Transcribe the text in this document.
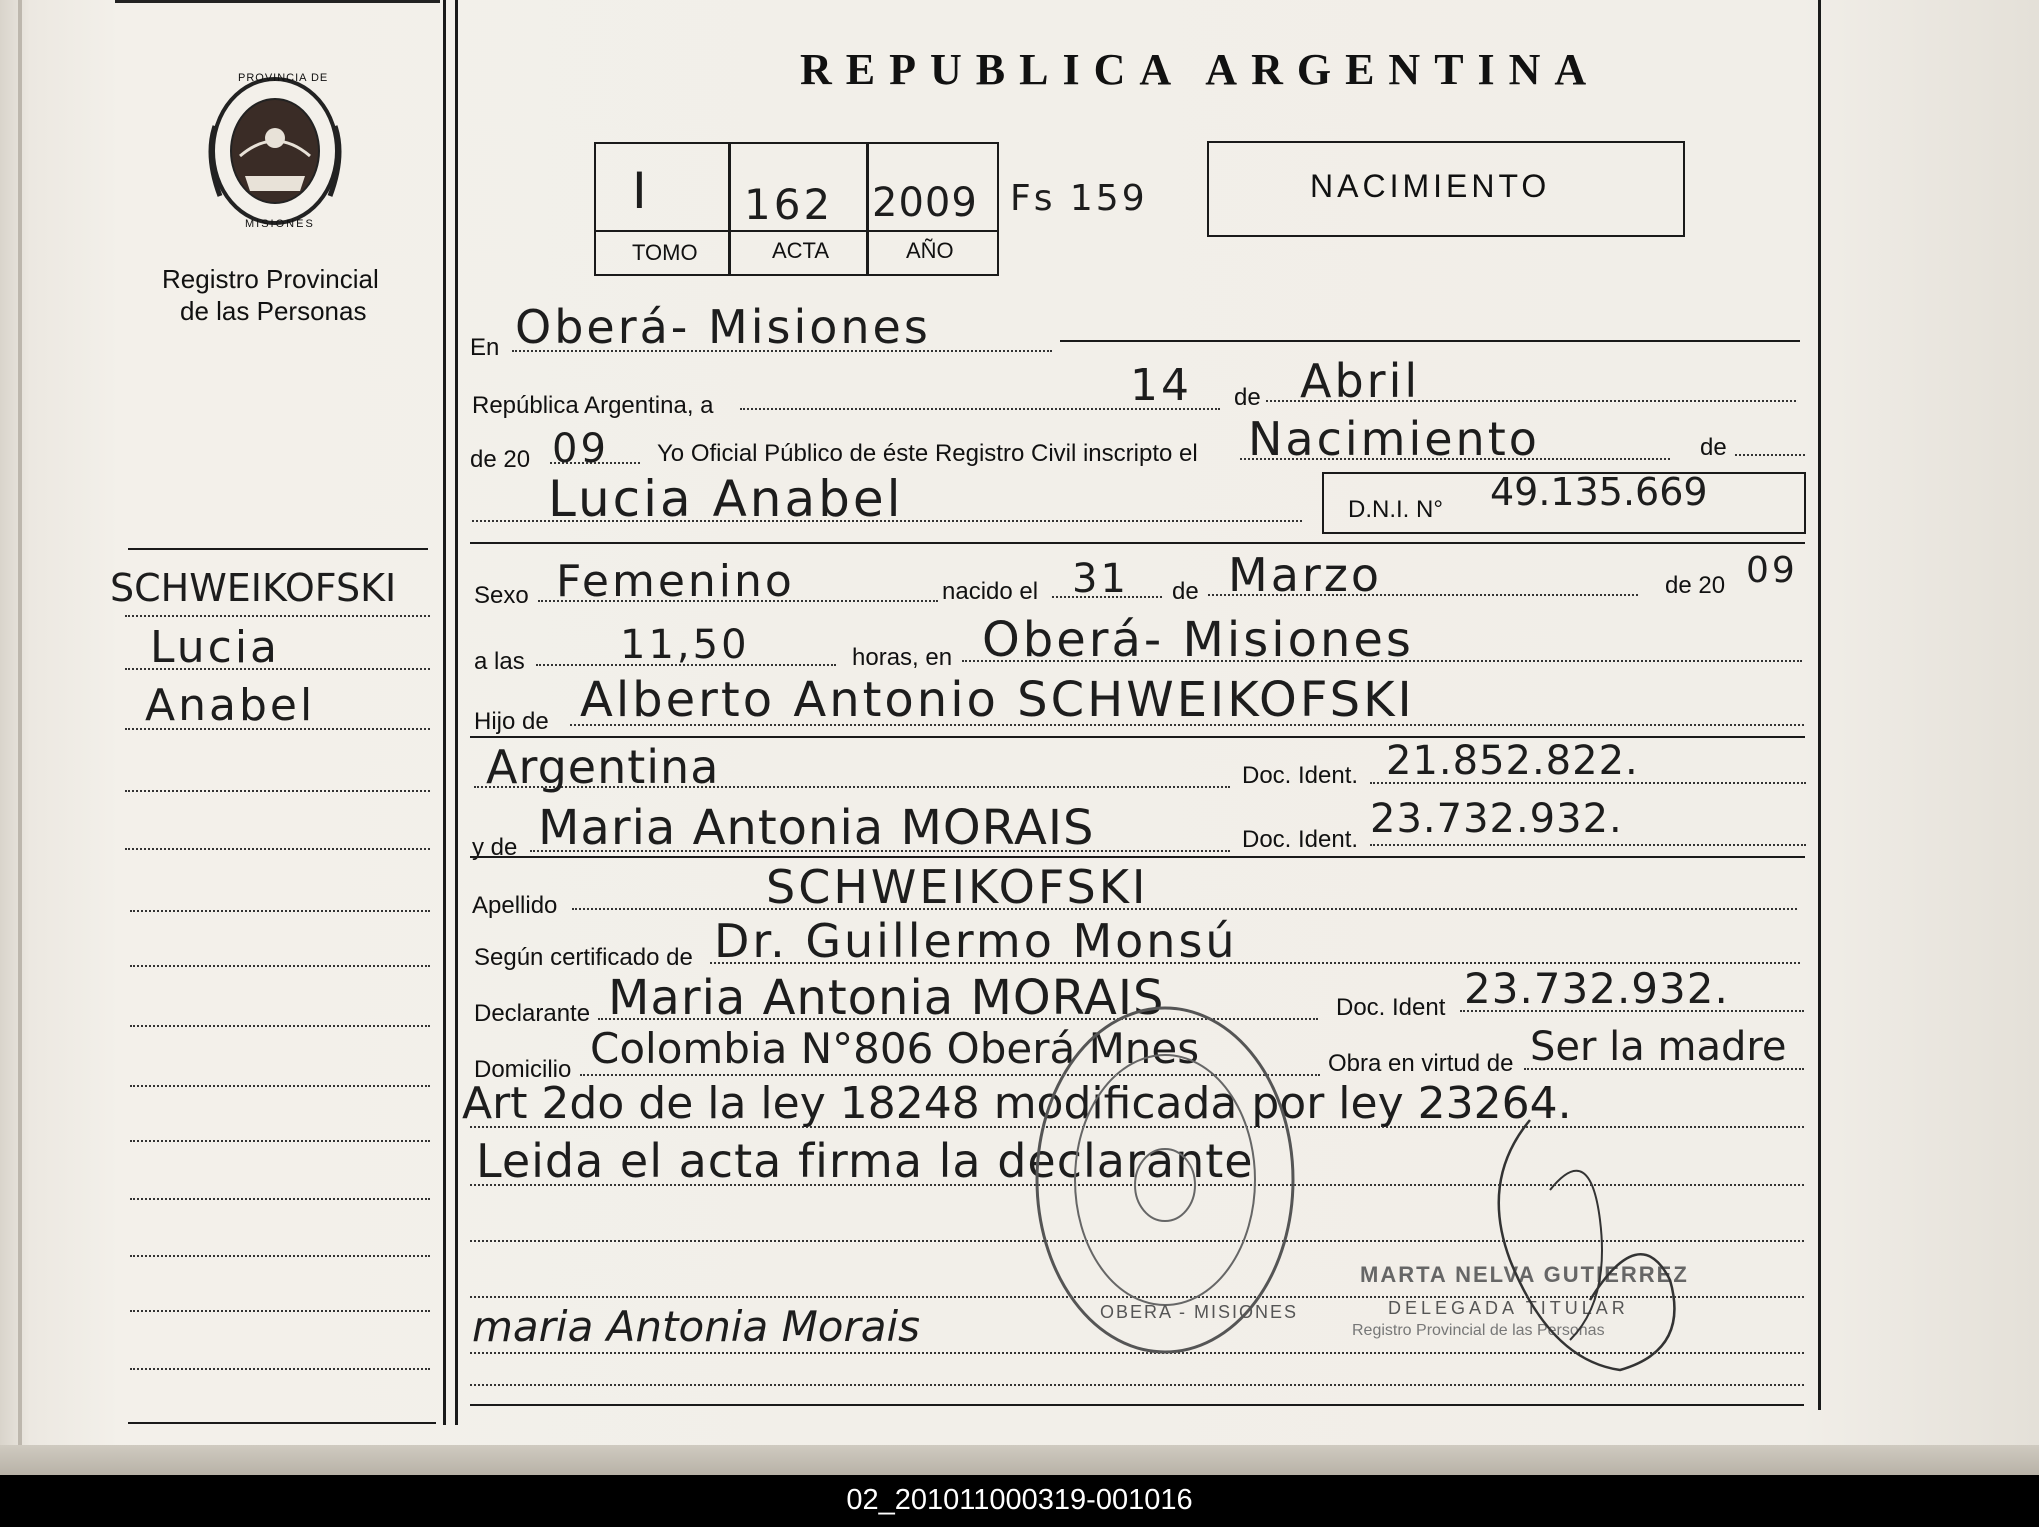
PROVINCIA DE
MISIONES
Registro Provincial
de las Personas
REPUBLICA ARGENTINA
I 162 2009
TOMO	ACTA	AÑO
Fs 159	NACIMIENTO
SCHWEIKOFSKI
Lucia
Anabel
En Oberá- Misiones
República Argentina, a	14 de Abril
de 20 09 Yo Oficial Público de éste Registro Civil inscripto el Nacimiento	de
Lucia Anabel	D.N.I. N° 49.135.669
Sexo Femenino	nacido el 31 de Marzo	de 20 09
a las 11,50	horas, en Oberá- Misiones
Hijo de Alberto Antonio SCHWEIKOFSKI
Argentina	Doc. Ident. 21.852.822.
y de Maria Antonia MORAIS	Doc. Ident. 23.732.932.
Apellido	SCHWEIKOFSKI
Según certificado de Dr. Guillermo Monsú
Declarante Maria Antonia MORAIS	Doc. Ident 23.732.932.
Domicilio Colombia N°806 Oberá Mnes	Obra en virtud de Ser la madre
Art 2do de la ley 18248 modificada por ley 23264.
Leida el acta firma la declarante
OBERA - MISIONES
maria Antonia Morais
MARTA NELVA GUTIERREZ
DELEGADA TITULAR
Registro Provincial de las Personas
02_201011000319-001016
